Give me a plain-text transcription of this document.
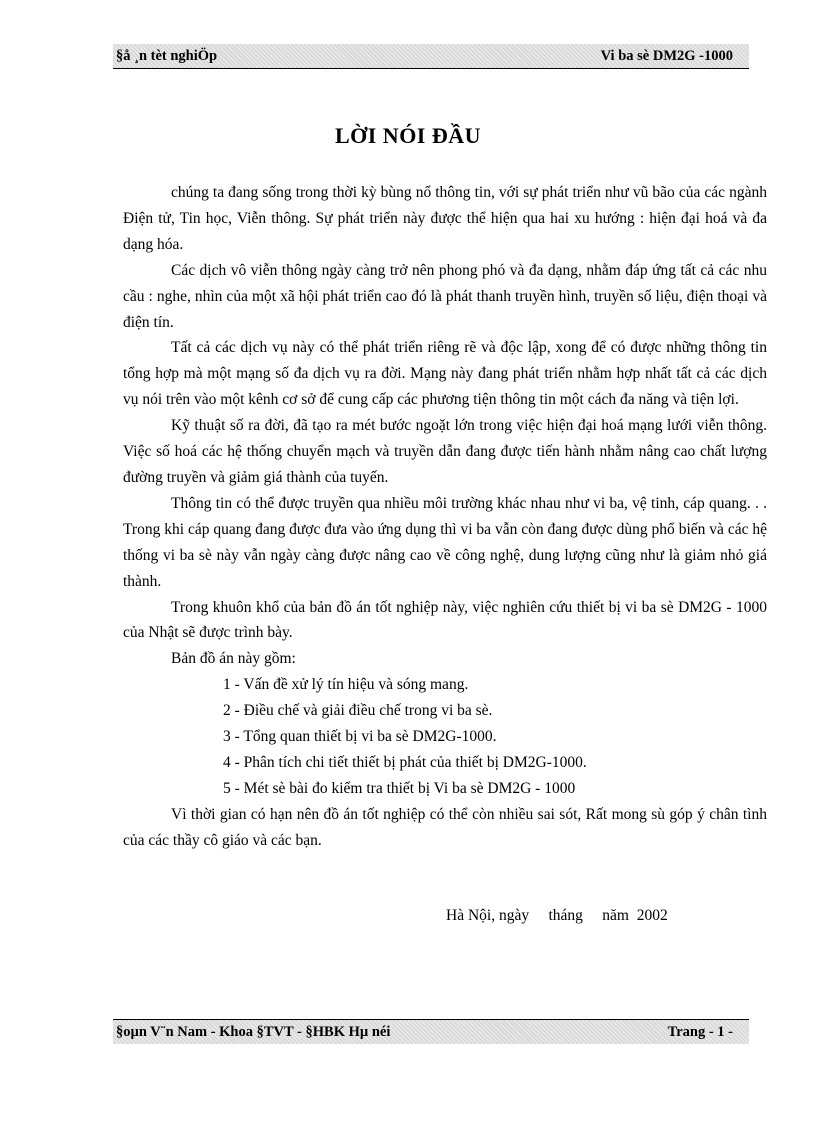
§å ¸n tèt nghiÖp	Vi ba sè DM2G -1000
LỜI NÓI ĐẦU

chúng ta đang sống trong thời kỳ bùng nổ thông tin, với sự phát triển như vũ bão của các ngành Điện tử, Tin học, Viễn thông. Sự phát triển này được thể hiện qua hai xu hướng : hiện đại hoá và đa dạng hóa.

Các dịch vô viễn thông ngày càng trở nên phong phó và đa dạng, nhằm đáp ứng tất cả các nhu cầu : nghe, nhìn của một xã hội phát triển cao đó là phát thanh truyền hình, truyền số liệu, điện thoại và điện tín.

Tất cả các dịch vụ này có thể phát triển riêng rẽ và độc lập, xong để có được những thông tin tổng hợp mà một mạng số đa dịch vụ ra đời. Mạng này đang phát triển nhằm hợp nhất tất cả các dịch vụ nói trên vào một kênh cơ sở để cung cấp các phương tiện thông tin một cách đa năng và tiện lợi.

Kỹ thuật số ra đời, đã tạo ra mét bước ngoặt lớn trong việc hiện đại hoá mạng lưới viễn thông. Việc số hoá các hệ thống chuyển mạch và truyền dẫn đang được tiến hành nhằm nâng cao chất lượng đường truyền và giảm giá thành của tuyến.

Thông tin có thể được truyền qua nhiều môi trường khác nhau như vi ba, vệ tinh, cáp quang. . . Trong khi cáp quang đang được đưa vào ứng dụng thì vi ba vẫn còn đang được dùng phổ biến và các hệ thống vi ba sè này vẫn ngày càng được nâng cao về công nghệ, dung lượng cũng như là giảm nhỏ giá thành.

Trong khuôn khổ của bản đồ án tốt nghiệp này, việc nghiên cứu thiết bị vi ba sè DM2G - 1000 của Nhật sẽ được trình bày.

Bản đồ án này gồm:

1 - Vấn đề xử lý tín hiệu và sóng mang.
2 - Điều chế và giải điều chế trong vi ba sè.
3 - Tổng quan thiết bị vi ba sè DM2G-1000.
4 - Phân tích chi tiết thiết bị phát của thiết bị DM2G-1000.
5 - Mét sè bài đo kiểm tra thiết bị Vi ba sè DM2G - 1000

Vì thời gian có hạn nên đồ án tốt nghiệp có thể còn nhiều sai sót, Rất mong sù góp ý chân tình của các thầy cô giáo và các bạn.

Hà Nội, ngày tháng năm  2002
§oµn V¨n Nam - Khoa §TVT - §HBK Hµ néi	Trang - 1 -
